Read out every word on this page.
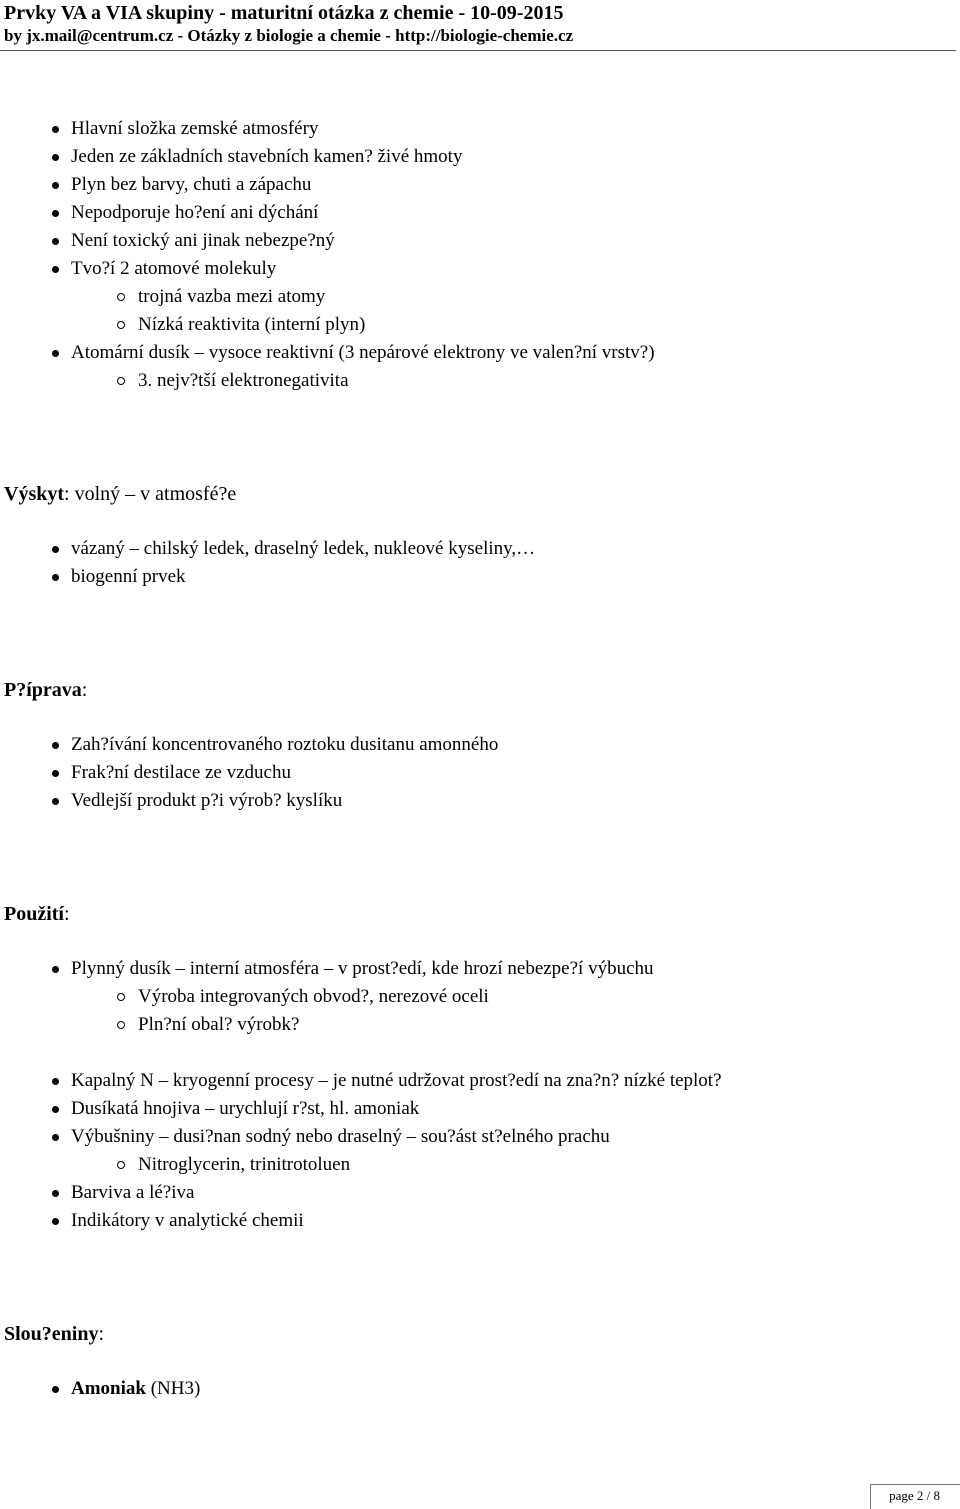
Prvky VA a VIA skupiny - maturitní otázka z chemie - 10-09-2015
by jx.mail@centrum.cz - Otázky z biologie a chemie - http://biologie-chemie.cz
Hlavní složka zemské atmosféry
Jeden ze základních stavebních kamen? živé hmoty
Plyn bez barvy, chuti a zápachu
Nepodporuje ho?ení ani dýchání
Není toxický ani jinak nebezpe?ný
Tvo?í 2 atomové molekuly
trojná vazba mezi atomy
Nízká reaktivita (interní plyn)
Atomární dusík – vysoce reaktivní (3 nepárové elektrony ve valen?ní vrstv?)
3. nejv?tší elektronegativita
Výskyt: volný – v atmosfé?e
vázaný – chilský ledek, draselný ledek, nukleové kyseliny,…
biogenní prvek
P?íprava:
Zah?ívání koncentrovaného roztoku dusitanu amonného
Frak?ní destilace ze vzduchu
Vedlejší produkt p?i výrob? kyslíku
Použití:
Plynný dusík – interní atmosféra – v prost?edí, kde hrozí nebezpe?í výbuchu
Výroba integrovaných obvod?, nerezové oceli
Pln?ní obal? výrobk?
Kapalný N – kryogenní procesy – je nutné udržovat prost?edí na zna?n? nízké teplot?
Dusíkatá hnojiva – urychlují r?st, hl. amoniak
Výbušniny – dusi?nan sodný nebo draselný – sou?ást st?elného prachu
Nitroglycerin, trinitrotoluen
Barviva a lé?iva
Indikátory v analytické chemii
Slou?eniny:
Amoniak (NH3)
page 2 / 8
